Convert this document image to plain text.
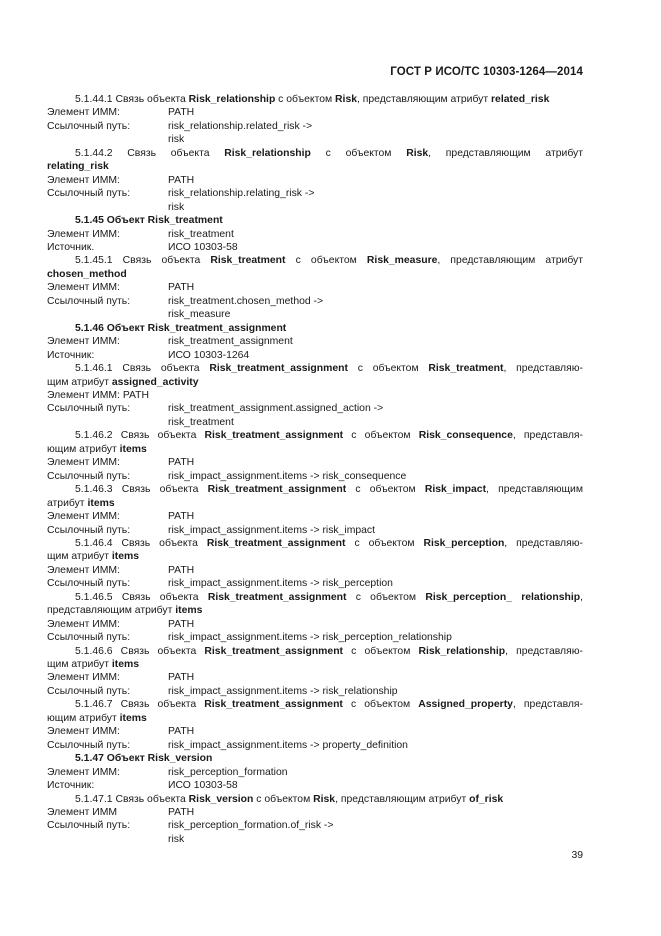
ГОСТ Р ИСО/ТС 10303-1264—2014
5.1.44.1 Связь объекта Risk_relationship с объектом Risk, представляющим атрибут related_risk
Элемент ИММ:	PATH
Ссылочный путь:	risk_relationship.related_risk ->
risk
5.1.44.2 Связь объекта Risk_relationship с объектом Risk, представляющим атрибут
relating_risk
Элемент ИММ:	PATH
Ссылочный путь:	risk_relationship.relating_risk ->
risk
5.1.45 Объект Risk_treatment
Элемент ИММ:	risk_treatment
Источник.	ИСО 10303-58
5.1.45.1 Связь объекта Risk_treatment с объектом Risk_measure, представляющим атрибут
chosen_method
Элемент ИММ:	PATH
Ссылочный путь:	risk_treatment.chosen_method ->
risk_measure
5.1.46 Объект Risk_treatment_assignment
Элемент ИММ:	risk_treatment_assignment
Источник:	ИСО 10303-1264
5.1.46.1 Связь объекта Risk_treatment_assignment с объектом Risk_treatment, представляю-
щим атрибут assigned_activity
Элемент ИММ: PATH
Ссылочный путь:	risk_treatment_assignment.assigned_action ->
risk_treatment
5.1.46.2 Связь объекта Risk_treatment_assignment с объектом Risk_consequence, представля-
ющим атрибут items
Элемент ИММ:	PATH
Ссылочный путь:	risk_impact_assignment.items -> risk_consequence
5.1.46.3 Связь объекта Risk_treatment_assignment с объектом Risk_impact, представляющим
атрибут items
Элемент ИММ:	PATH
Ссылочный путь:	risk_impact_assignment.items -> risk_impact
5.1.46.4 Связь объекта Risk_treatment_assignment с объектом Risk_perception, представляю-
щим атрибут items
Элемент ИММ:	PATH
Ссылочный путь:	risk_impact_assignment.items -> risk_perception
5.1.46.5 Связь объекта Risk_treatment_assignment с объектом Risk_perception_ relationship,
представляющим атрибут items
Элемент ИММ:	PATH
Ссылочный путь:	risk_impact_assignment.items -> risk_perception_relationship
5.1.46.6 Связь объекта Risk_treatment_assignment с объектом Risk_relationship, представляю-
щим атрибут items
Элемент ИММ:	PATH
Ссылочный путь:	risk_impact_assignment.items -> risk_relationship
5.1.46.7 Связь объекта Risk_treatment_assignment с объектом Assigned_property, представля-
ющим атрибут items
Элемент ИММ:	PATH
Ссылочный путь:	risk_impact_assignment.items -> property_definition
5.1.47 Объект Risk_version
Элемент ИММ:	risk_perception_formation
Источник:	ИСО 10303-58
5.1.47.1 Связь объекта Risk_version с объектом Risk, представляющим атрибут of_risk
Элемент ИММ	PATH
Ссылочный путь:	risk_perception_formation.of_risk ->
risk
39
